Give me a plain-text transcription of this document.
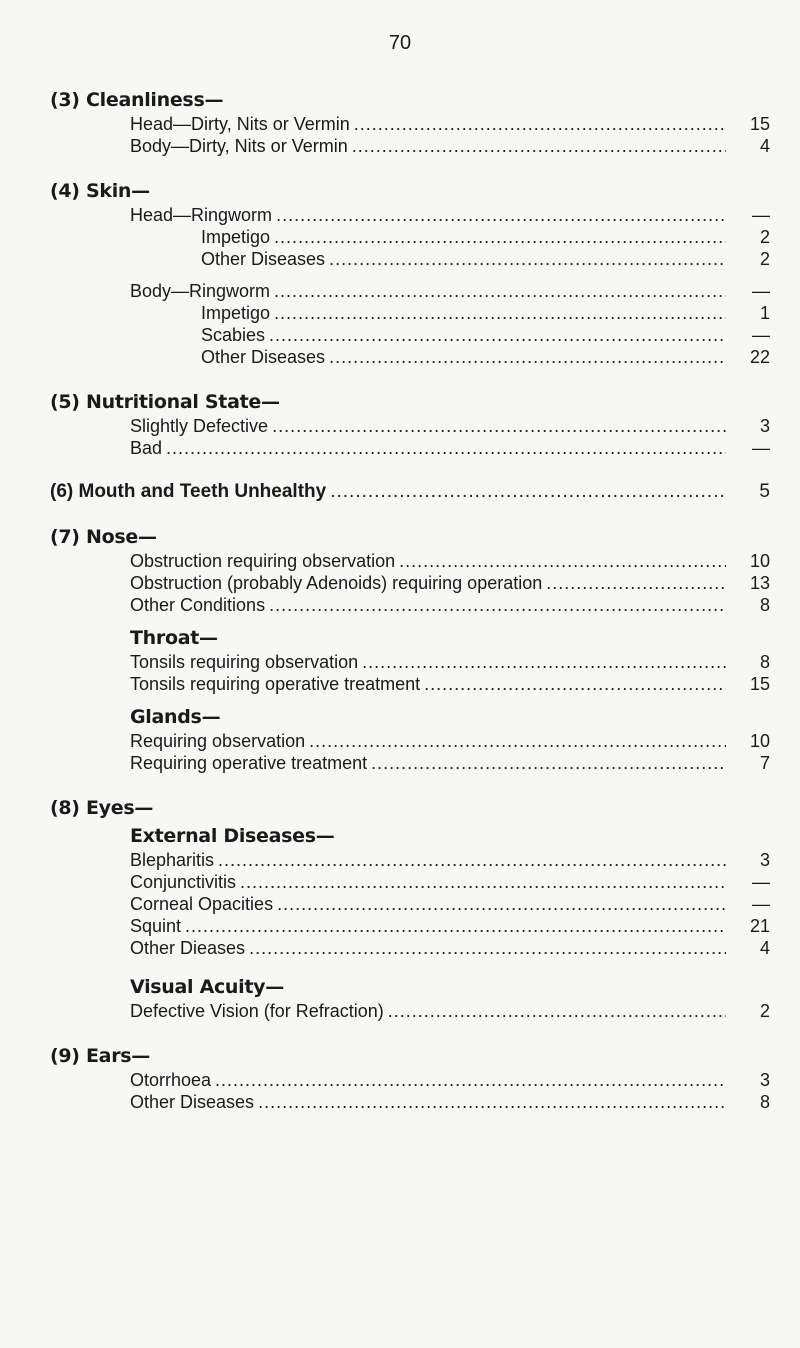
70
(3) Cleanliness—
Head—Dirty, Nits or Vermin .....	15
Body—Dirty, Nits or Vermin .....	4
(4) Skin—
Head—Ringworm .....	—
Impetigo .....	2
Other Diseases .....	2
Body—Ringworm .....	—
Impetigo .....	1
Scabies .....	—
Other Diseases .....	22
(5) Nutritional State—
Slightly Defective .....	3
Bad .....	—
(6) Mouth and Teeth Unhealthy .....	5
(7) Nose—
Obstruction requiring observation .....	10
Obstruction (probably Adenoids) requiring operation .....	13
Other Conditions .....	8
Throat—
Tonsils requiring observation .....	8
Tonsils requiring operative treatment .....	15
Glands—
Requiring observation .....	10
Requiring operative treatment .....	7
(8) Eyes—
External Diseases—
Blepharitis .....	3
Conjunctivitis .....	—
Corneal Opacities .....	—
Squint .....	21
Other Dieases .....	4
Visual Acuity—
Defective Vision (for Refraction) .....	2
(9) Ears—
Otorrhoea .....	3
Other Diseases .....	8
